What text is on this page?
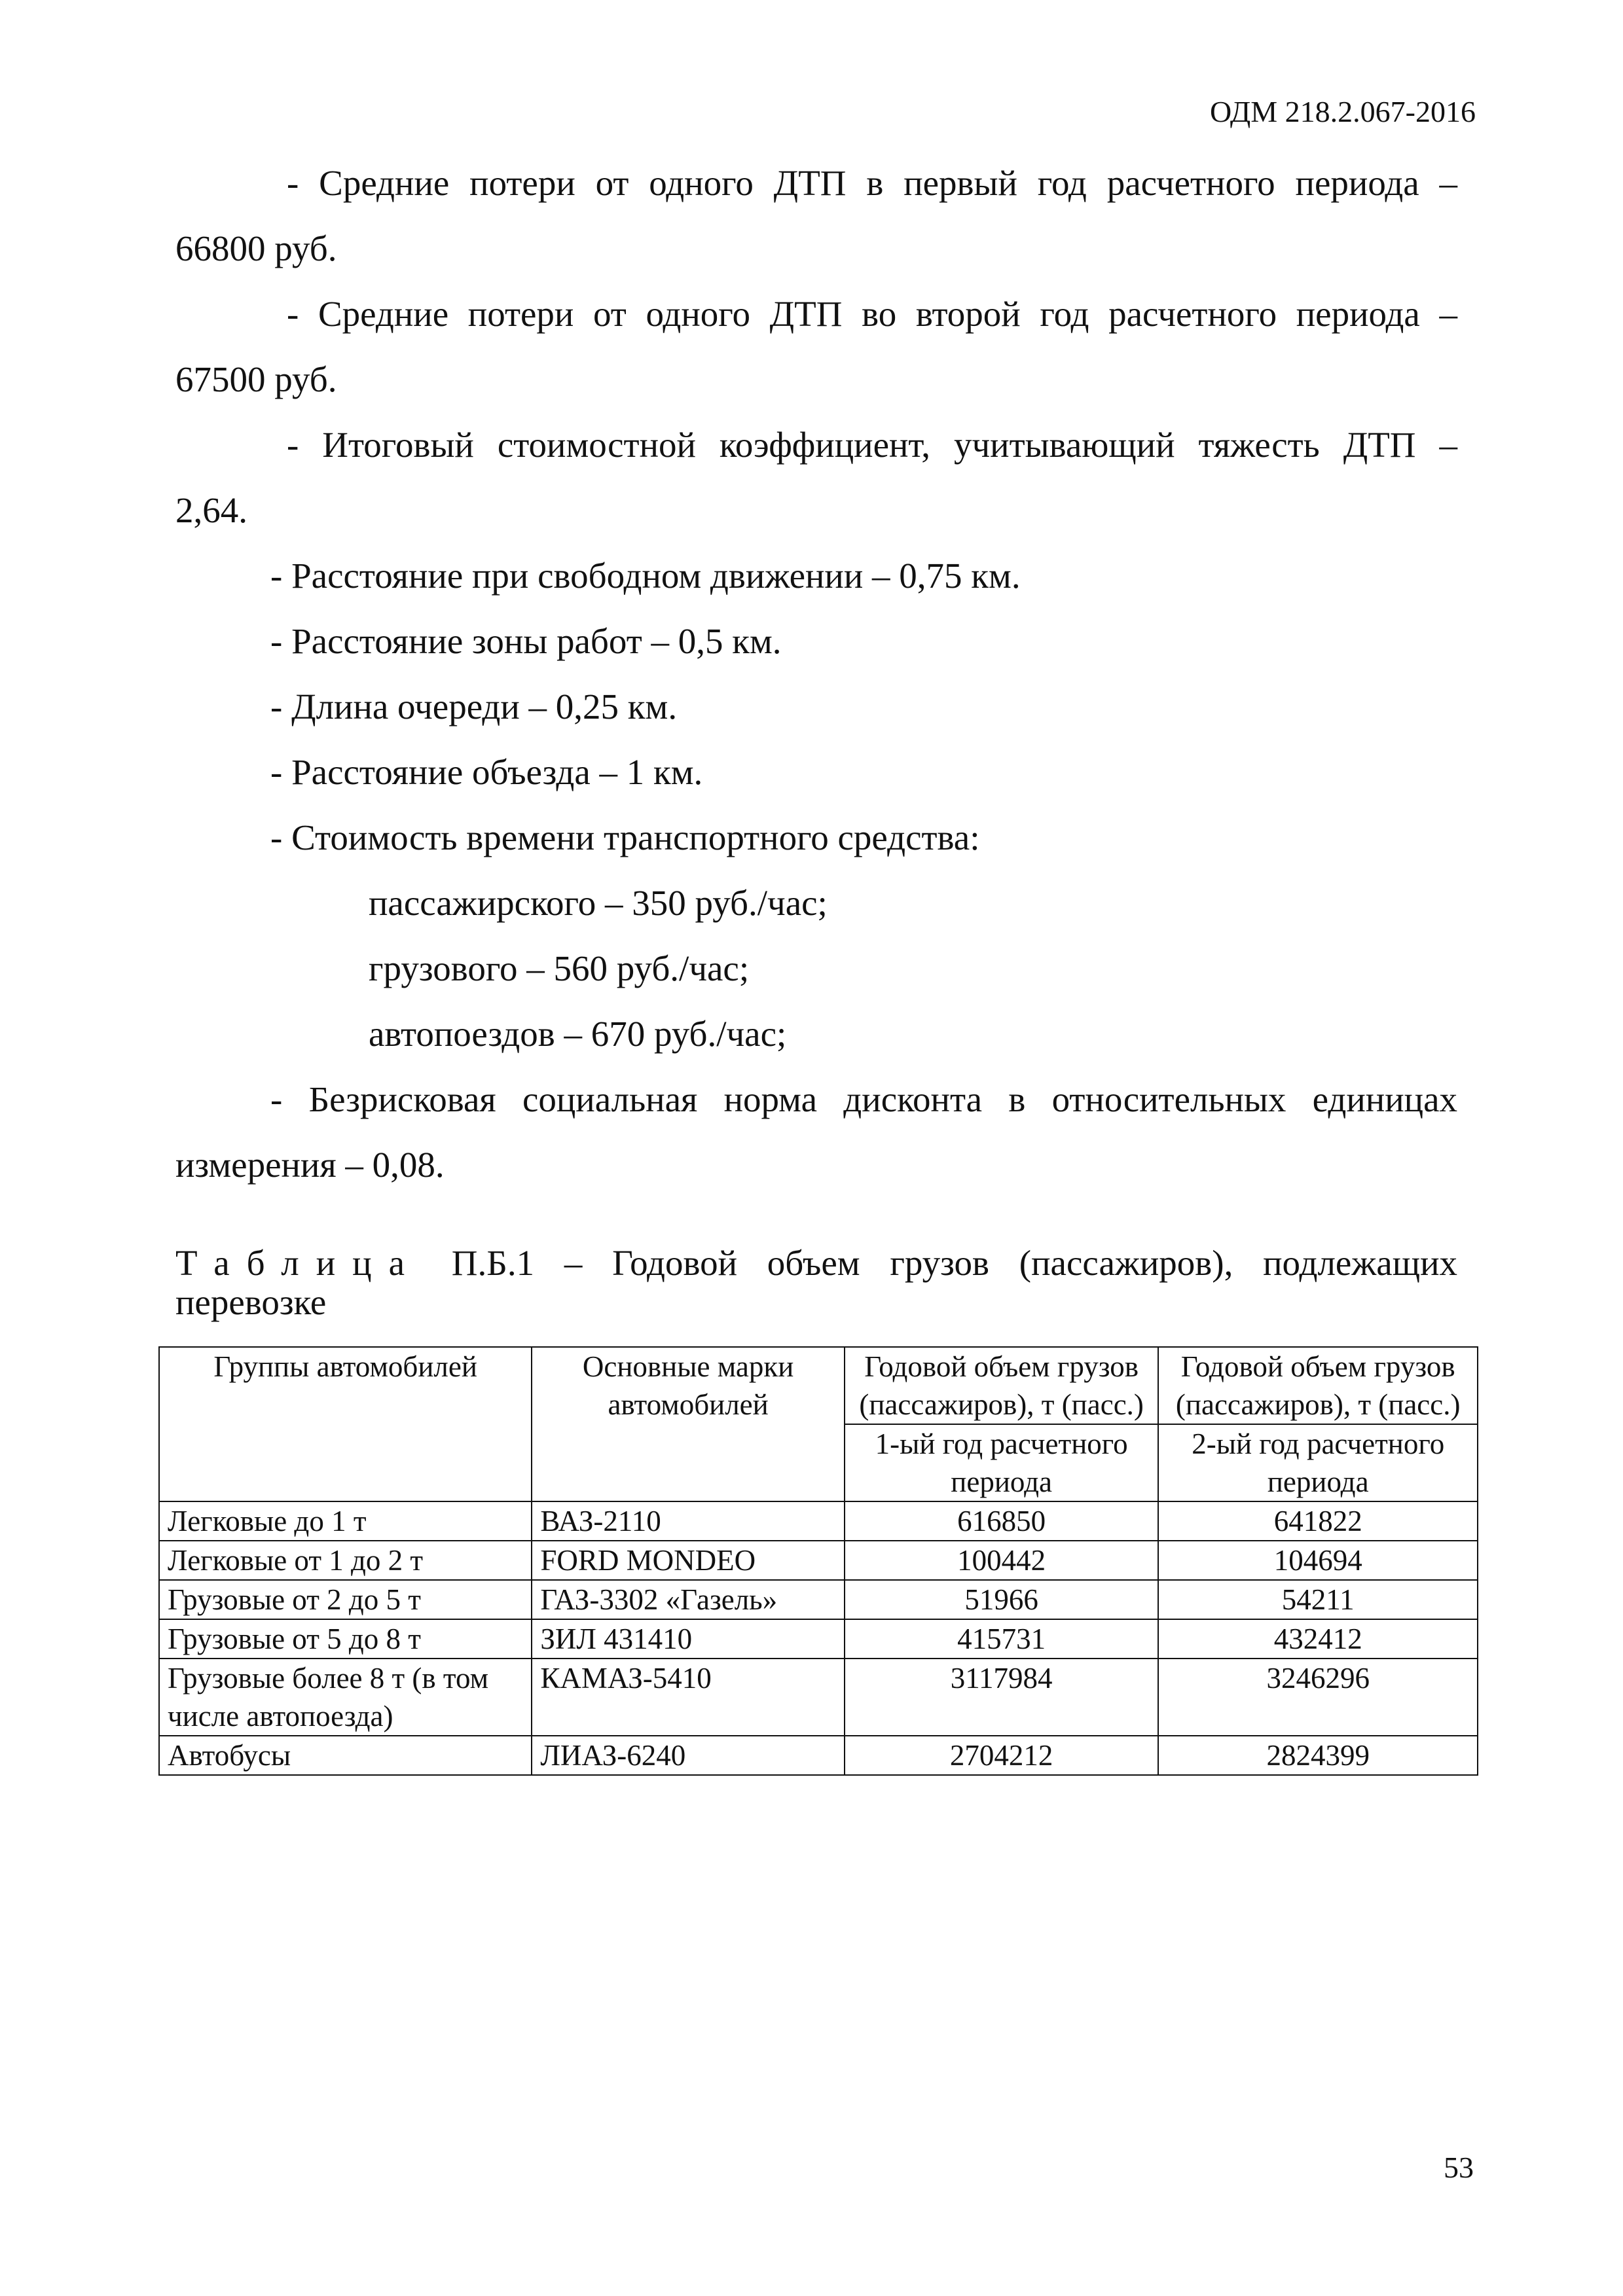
ОДМ 218.2.067-2016
- Средние потери от одного ДТП в первый год расчетного периода –
66800 руб.
- Средние потери от одного ДТП во второй год расчетного периода –
67500 руб.
- Итоговый стоимостной коэффициент, учитывающий тяжесть ДТП –
2,64.
- Расстояние при свободном движении – 0,75 км.
- Расстояние зоны работ – 0,5 км.
- Длина очереди – 0,25 км.
- Расстояние объезда – 1 км.
- Стоимость времени транспортного средства:
пассажирского – 350 руб./час;
грузового – 560 руб./час;
автопоездов – 670 руб./час;
- Безрисковая социальная норма дисконта в относительных единицах
измерения – 0,08.
Таблица П.Б.1 – Годовой объем грузов (пассажиров), подлежащих
перевозке
Группы автомобилей	Основные марки автомобилей	Годовой объем грузов (пассажиров), т (пасс.)	Годовой объем грузов (пассажиров), т (пасс.)
		1-ый год расчетного периода	2-ый год расчетного периода
Легковые до 1 т	ВАЗ-2110	616850	641822
Легковые от 1 до 2 т	FORD MONDEO	100442	104694
Грузовые от 2 до 5 т	ГАЗ-3302 «Газель»	51966	54211
Грузовые от 5 до 8 т	ЗИЛ 431410	415731	432412
Грузовые более 8 т (в том числе автопоезда)	КАМАЗ-5410	3117984	3246296
Автобусы	ЛИАЗ-6240	2704212	2824399
53
